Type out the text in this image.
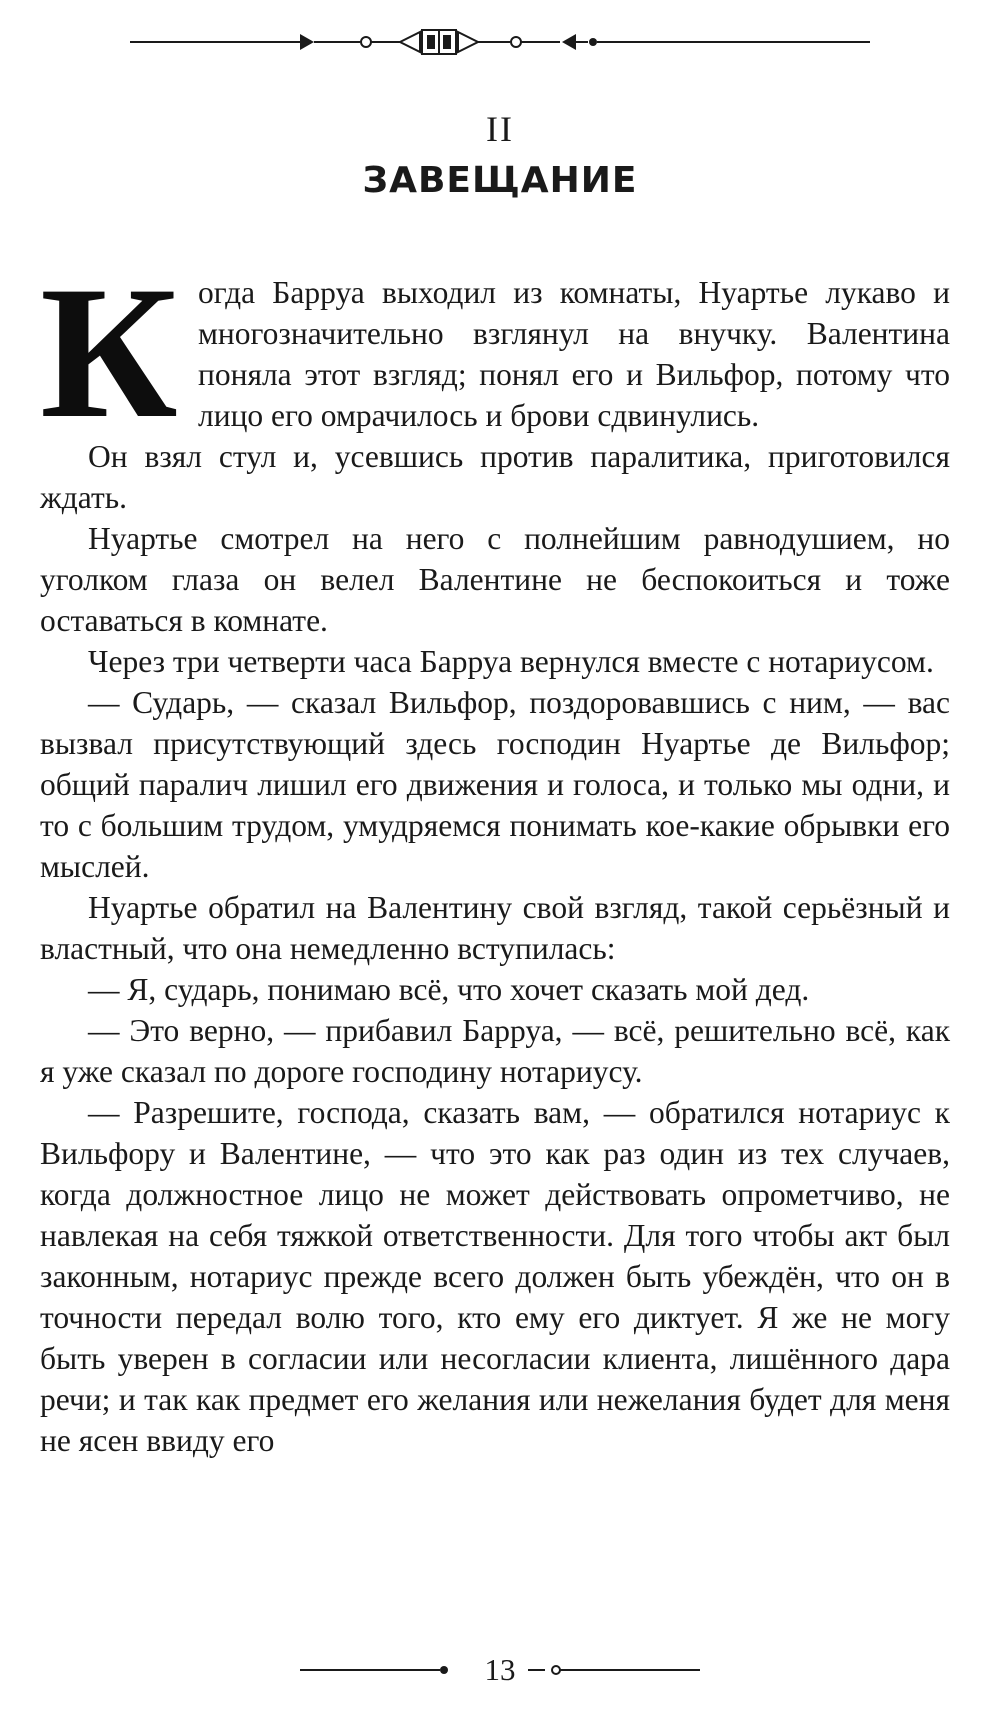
II
ЗАВЕЩАНИЕ

Когда Барруа выходил из комнаты, Нуартье лукаво и многозначительно взглянул на внучку. Валентина поняла этот взгляд; понял его и Вильфор, потому что лицо его омрачилось и брови сдвинулись.

Он взял стул и, усевшись против паралитика, приготовился ждать.

Нуартье смотрел на него с полнейшим равнодушием, но уголком глаза он велел Валентине не беспокоиться и тоже оставаться в комнате.

Через три четверти часа Барруа вернулся вместе с нотариусом.

— Сударь, — сказал Вильфор, поздоровавшись с ним, — вас вызвал присутствующий здесь господин Нуартье де Вильфор; общий паралич лишил его движения и голоса, и только мы одни, и то с большим трудом, умудряемся понимать кое-какие обрывки его мыслей.

Нуартье обратил на Валентину свой взгляд, такой серьёзный и властный, что она немедленно вступилась:

— Я, сударь, понимаю всё, что хочет сказать мой дед.

— Это верно, — прибавил Барруа, — всё, решительно всё, как я уже сказал по дороге господину нотариусу.

— Разрешите, господа, сказать вам, — обратился нотариус к Вильфору и Валентине, — что это как раз один из тех случаев, когда должностное лицо не может действовать опрометчиво, не навлекая на себя тяжкой ответственности. Для того чтобы акт был законным, нотариус прежде всего должен быть убеждён, что он в точности передал волю того, кто ему его диктует. Я же не могу быть уверен в согласии или несогласии клиента, лишённого дара речи; и так как предмет его желания или нежелания будет для меня не ясен ввиду его

13
